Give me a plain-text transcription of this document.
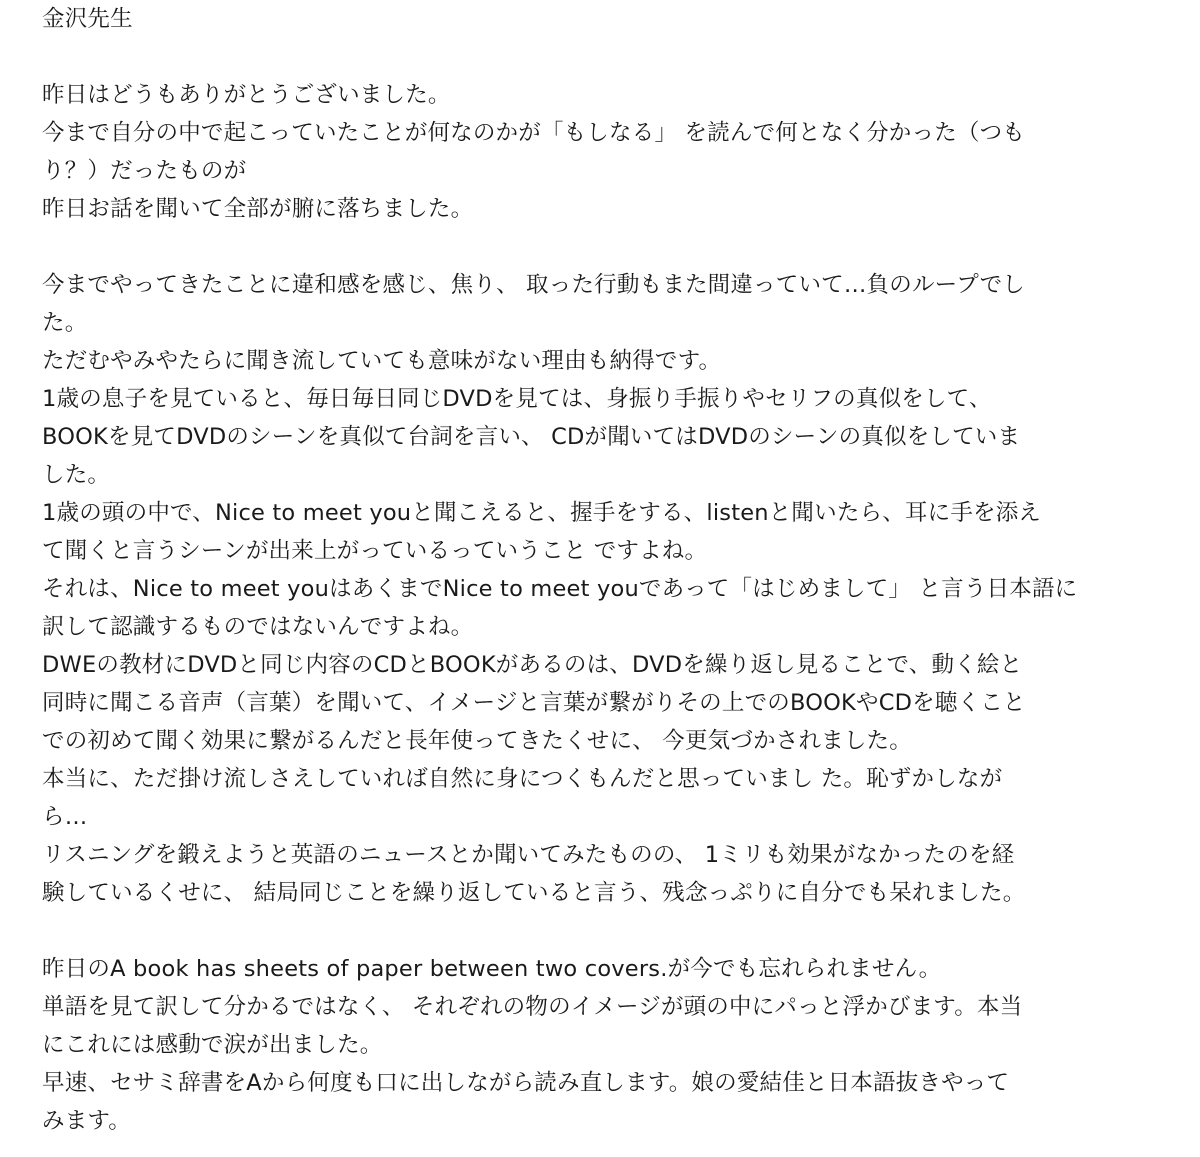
金沢先生
昨日はどうもありがとうございました。
今まで自分の中で起こっていたことが何なのかが「もしなる」 を読んで何となく分かった（つも
り？）だったものが
昨日お話を聞いて全部が腑に落ちました。
今までやってきたことに違和感を感じ、焦り、 取った行動もまた間違っていて…負のループでし
た。
ただむやみやたらに聞き流していても意味がない理由も納得です。
1歳の息子を見ていると、毎日毎日同じDVDを見ては、身振り手振りやセリフの真似をして、
BOOKを見てDVDのシーンを真似て台詞を言い、 CDが聞いてはDVDのシーンの真似をしていま
した。
1歳の頭の中で、Nice to meet youと聞こえると、握手をする、listenと聞いたら、耳に手を添え
て聞くと言うシーンが出来上がっているっていうこと ですよね。
それは、Nice to meet youはあくまでNice to meet youであって「はじめまして」 と言う日本語に
訳して認識するものではないんですよね。
DWEの教材にDVDと同じ内容のCDとBOOKがあるのは、DVDを繰り返し見ることで、動く絵と
同時に聞こる音声（言葉）を聞いて、イメージと言葉が繋がりその上でのBOOKやCDを聴くこと
での初めて聞く効果に繋がるんだと長年使ってきたくせに、 今更気づかされました。
本当に、ただ掛け流しさえしていれば自然に身につくもんだと思っていまし た。恥ずかしなが
ら…
リスニングを鍛えようと英語のニュースとか聞いてみたものの、 1ミリも効果がなかったのを経
験しているくせに、 結局同じことを繰り返していると言う、残念っぷりに自分でも呆れました。
昨日のA book has sheets of paper between two covers.が今でも忘れられません。
単語を見て訳して分かるではなく、 それぞれの物のイメージが頭の中にパっと浮かびます。本当
にこれには感動で涙が出ました。
早速、セサミ辞書をAから何度も口に出しながら読み直します。娘の愛結佳と日本語抜きやって
みます。
